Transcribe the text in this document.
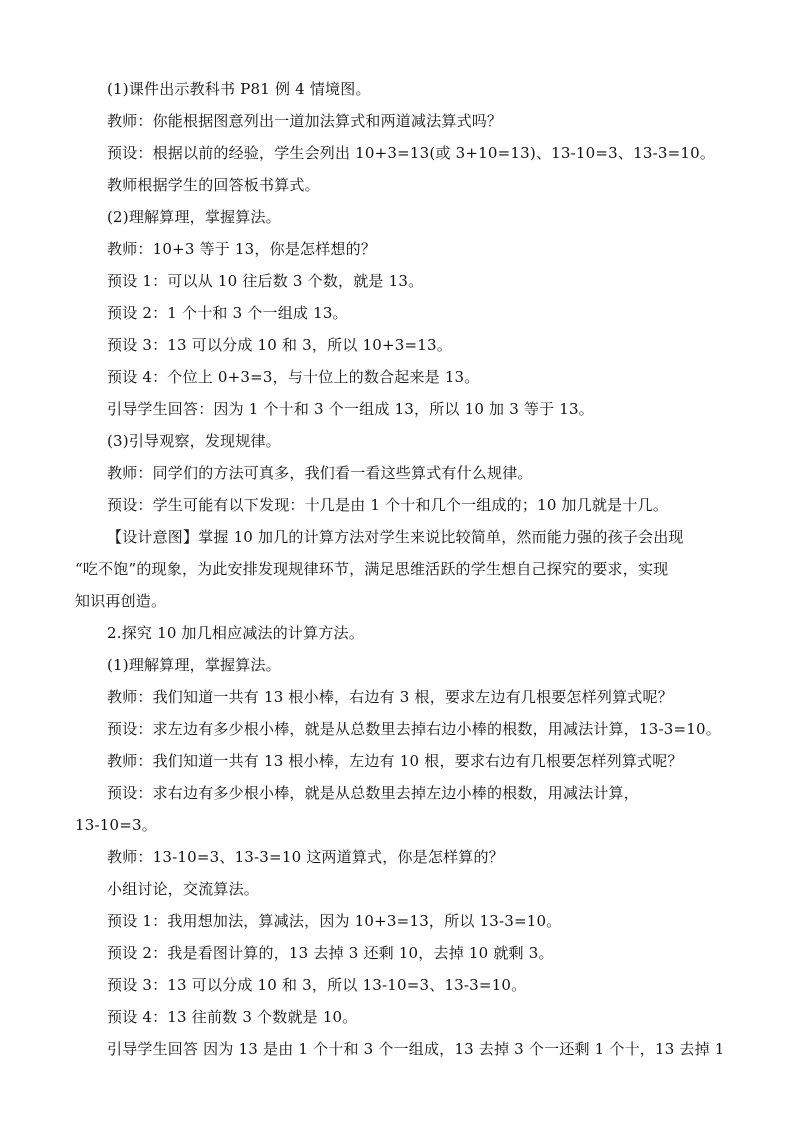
(1)课件出示教科书 P81 例 4 情境图。
教师：你能根据图意列出一道加法算式和两道减法算式吗？
预设：根据以前的经验，学生会列出 10+3=13(或 3+10=13)、13-10=3、13-3=10。
教师根据学生的回答板书算式。
(2)理解算理，掌握算法。
教师：10+3 等于 13，你是怎样想的？
预设 1：可以从 10 往后数 3 个数，就是 13。
预设 2：1 个十和 3 个一组成 13。
预设 3：13 可以分成 10 和 3，所以 10+3=13。
预设 4：个位上 0+3=3，与十位上的数合起来是 13。
引导学生回答：因为 1 个十和 3 个一组成 13，所以 10 加 3 等于 13。
(3)引导观察，发现规律。
教师：同学们的方法可真多，我们看一看这些算式有什么规律。
预设：学生可能有以下发现：十几是由 1 个十和几个一组成的；10 加几就是十几。
【设计意图】掌握 10 加几的计算方法对学生来说比较简单，然而能力强的孩子会出现
“吃不饱”的现象，为此安排发现规律环节，满足思维活跃的学生想自己探究的要求，实现
知识再创造。
2.探究 10 加几相应减法的计算方法。
(1)理解算理，掌握算法。
教师：我们知道一共有 13 根小棒，右边有 3 根，要求左边有几根要怎样列算式呢？
预设：求左边有多少根小棒，就是从总数里去掉右边小棒的根数，用减法计算，13-3=10。
教师：我们知道一共有 13 根小棒，左边有 10 根，要求右边有几根要怎样列算式呢？
预设：求右边有多少根小棒，就是从总数里去掉左边小棒的根数，用减法计算，
13-10=3。
教师：13-10=3、13-3=10 这两道算式，你是怎样算的？
小组讨论，交流算法。
预设 1：我用想加法，算减法，因为 10+3=13，所以 13-3=10。
预设 2：我是看图计算的，13 去掉 3 还剩 10，去掉 10 就剩 3。
预设 3：13 可以分成 10 和 3，所以 13-10=3、13-3=10。
预设 4：13 往前数 3 个数就是 10。
引导学生回答 因为 13 是由 1 个十和 3 个一组成，13 去掉 3 个一还剩 1 个十，13 去掉 1
